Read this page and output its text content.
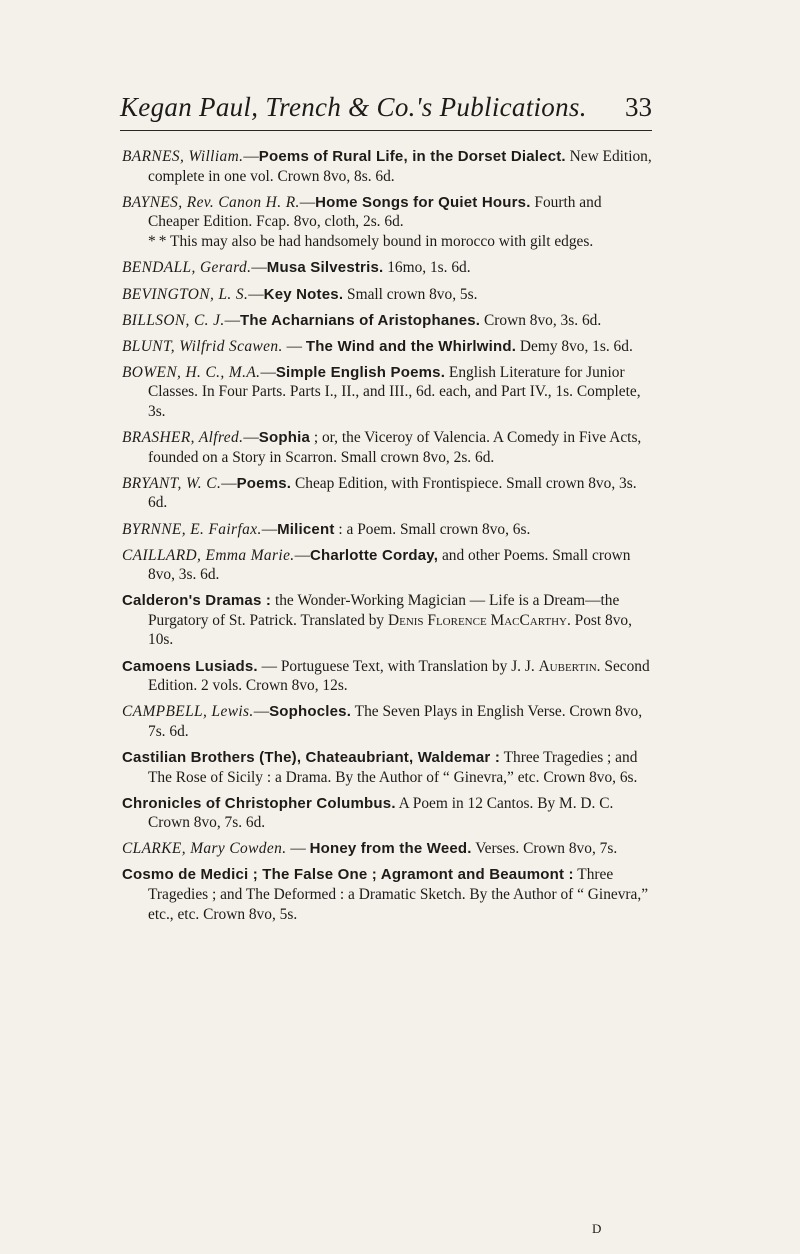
Kegan Paul, Trench & Co.'s Publications. 33

BARNES, William.—Poems of Rural Life, in the Dorset Dialect. New Edition, complete in one vol. Crown 8vo, 8s. 6d.

BAYNES, Rev. Canon H. R.—Home Songs for Quiet Hours. Fourth and Cheaper Edition. Fcap. 8vo, cloth, 2s. 6d.

* * This may also be had handsomely bound in morocco with gilt edges.

BENDALL, Gerard.—Musa Silvestris. 16mo, 1s. 6d.

BEVINGTON, L. S.—Key Notes. Small crown 8vo, 5s.

BILLSON, C. J.—The Acharnians of Aristophanes. Crown 8vo, 3s. 6d.

BLUNT, Wilfrid Scawen. — The Wind and the Whirlwind. Demy 8vo, 1s. 6d.

BOWEN, H. C., M.A.—Simple English Poems. English Literature for Junior Classes. In Four Parts. Parts I., II., and III., 6d. each, and Part IV., 1s. Complete, 3s.

BRASHER, Alfred.—Sophia ; or, the Viceroy of Valencia. A Comedy in Five Acts, founded on a Story in Scarron. Small crown 8vo, 2s. 6d.

BRYANT, W. C.—Poems. Cheap Edition, with Frontispiece. Small crown 8vo, 3s. 6d.

BYRNNE, E. Fairfax.—Milicent : a Poem. Small crown 8vo, 6s.

CAILLARD, Emma Marie.—Charlotte Corday, and other Poems. Small crown 8vo, 3s. 6d.

Calderon's Dramas : the Wonder-Working Magician — Life is a Dream—the Purgatory of St. Patrick. Translated by Denis Florence MacCarthy. Post 8vo, 10s.

Camoens Lusiads. — Portuguese Text, with Translation by J. J. Aubertin. Second Edition. 2 vols. Crown 8vo, 12s.

CAMPBELL, Lewis.—Sophocles. The Seven Plays in English Verse. Crown 8vo, 7s. 6d.

Castilian Brothers (The), Chateaubriant, Waldemar : Three Tragedies ; and The Rose of Sicily : a Drama. By the Author of “ Ginevra,” etc. Crown 8vo, 6s.

Chronicles of Christopher Columbus. A Poem in 12 Cantos. By M. D. C. Crown 8vo, 7s. 6d.

CLARKE, Mary Cowden. — Honey from the Weed. Verses. Crown 8vo, 7s.

Cosmo de Medici ; The False One ; Agramont and Beaumont : Three Tragedies ; and The Deformed : a Dramatic Sketch. By the Author of “ Ginevra,” etc., etc. Crown 8vo, 5s.

D
